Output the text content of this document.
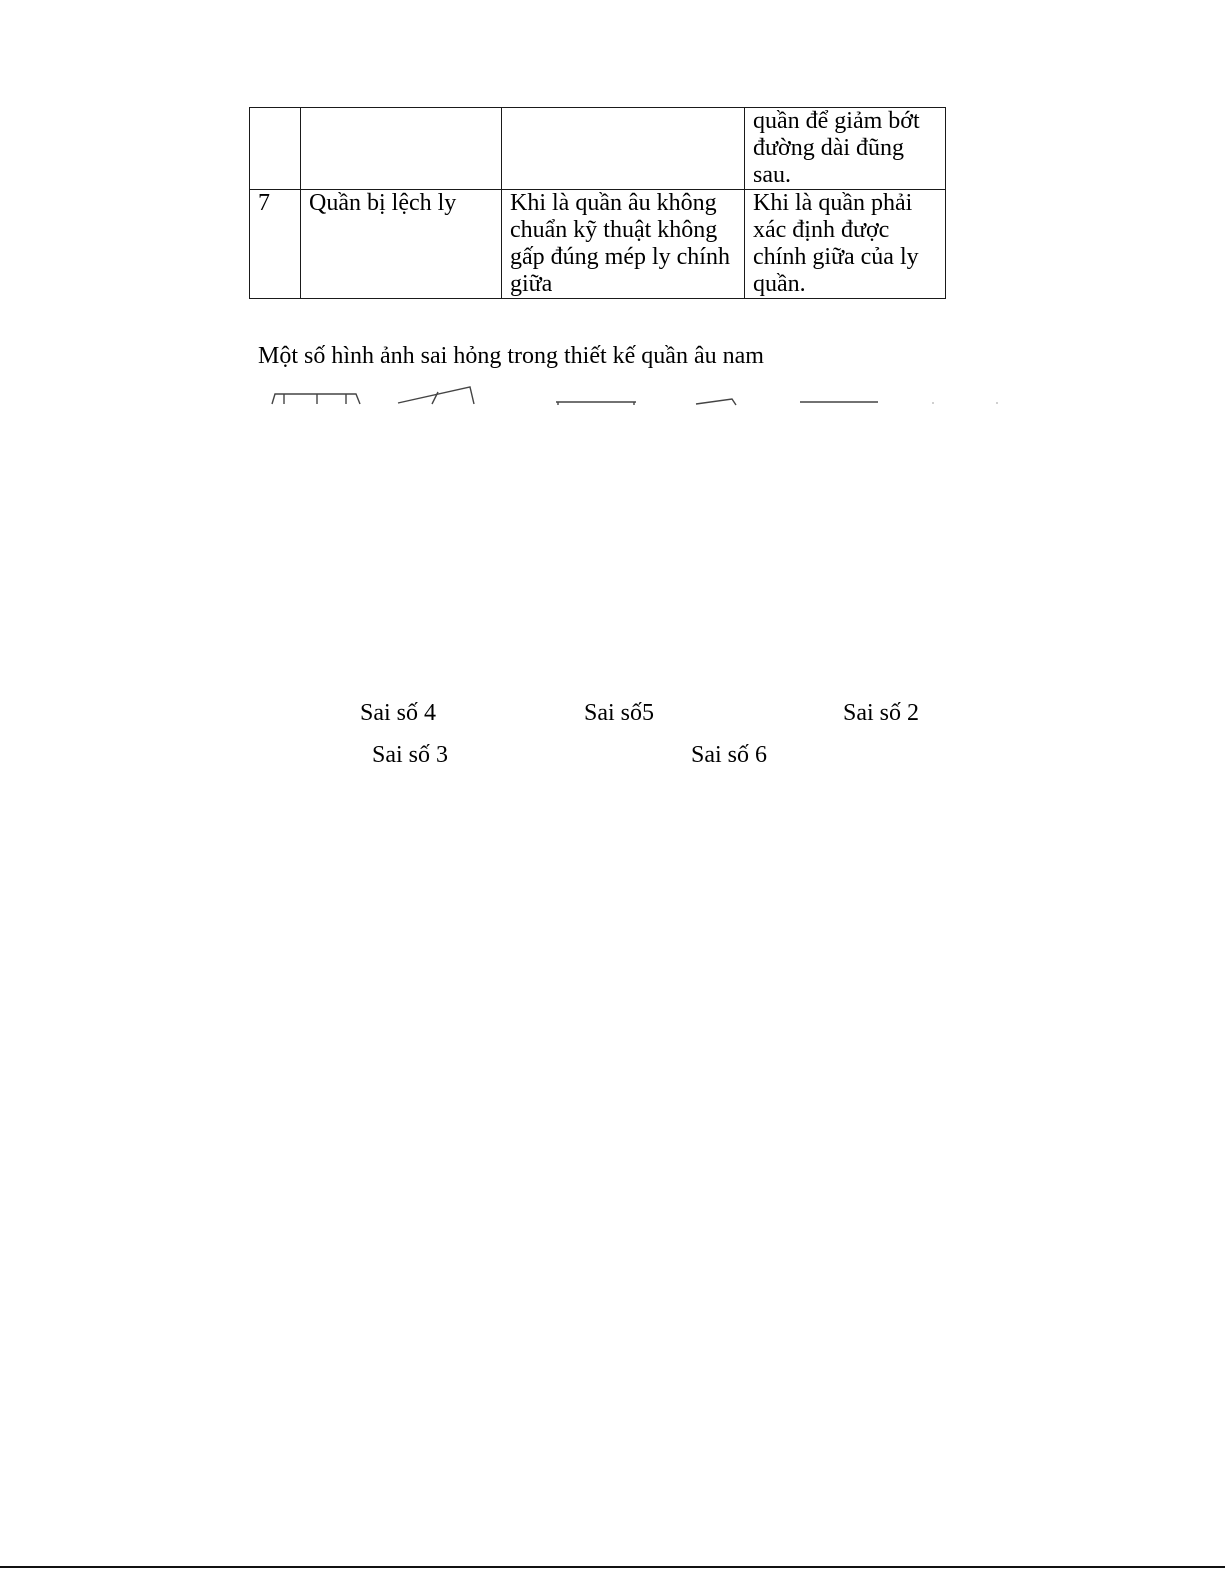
			quần để giảm bớt
đường dài đũng
sau.

7	Quần bị lệch ly	Khi là quần âu không
chuẩn kỹ thuật không
gấp đúng mép ly chính
giữa	Khi là quần phải
xác định được
chính giữa của ly
quần.
Một số hình ảnh sai hỏng trong thiết kế quần âu nam
Sai số 4	Sai số5	Sai số 2
Sai số 3	Sai số 6
